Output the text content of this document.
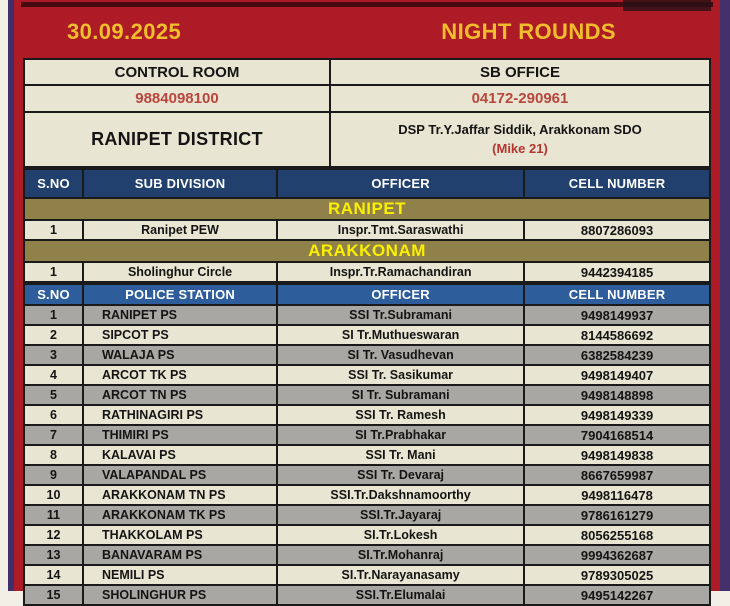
30.09.2025	NIGHT ROUNDS
CONTROL ROOM	SB OFFICE
9884098100	04172-290961
RANIPET DISTRICT	DSP Tr.Y.Jaffar Siddik, Arakkonam SDO
(Mike 21)
S.NO	SUB DIVISION	OFFICER	CELL NUMBER
RANIPET			
1	Ranipet PEW	Inspr.Tmt.Saraswathi	8807286093
ARAKKONAM			
1	Sholinghur Circle	Inspr.Tr.Ramachandiran	9442394185
S.NO	POLICE STATION	OFFICER	CELL NUMBER
1	RANIPET PS	SSI Tr.Subramani	9498149937
2	SIPCOT PS	SI Tr.Muthueswaran	8144586692
3	WALAJA PS	SI Tr. Vasudhevan	6382584239
4	ARCOT TK PS	SSI Tr. Sasikumar	9498149407
5	ARCOT TN PS	SI Tr. Subramani	9498148898
6	RATHINAGIRI PS	SSI Tr. Ramesh	9498149339
7	THIMIRI PS	SI Tr.Prabhakar	7904168514
8	KALAVAI PS	SSI Tr. Mani	9498149838
9	VALAPANDAL PS	SSI Tr. Devaraj	8667659987
10	ARAKKONAM TN PS	SSI.Tr.Dakshnamoorthy	9498116478
11	ARAKKONAM TK PS	SSI.Tr.Jayaraj	9786161279
12	THAKKOLAM PS	SI.Tr.Lokesh	8056255168
13	BANAVARAM PS	SI.Tr.Mohanraj	9994362687
14	NEMILI PS	SI.Tr.Narayanasamy	9789305025
15	SHOLINGHUR PS	SSI.Tr.Elumalai	9495142267
